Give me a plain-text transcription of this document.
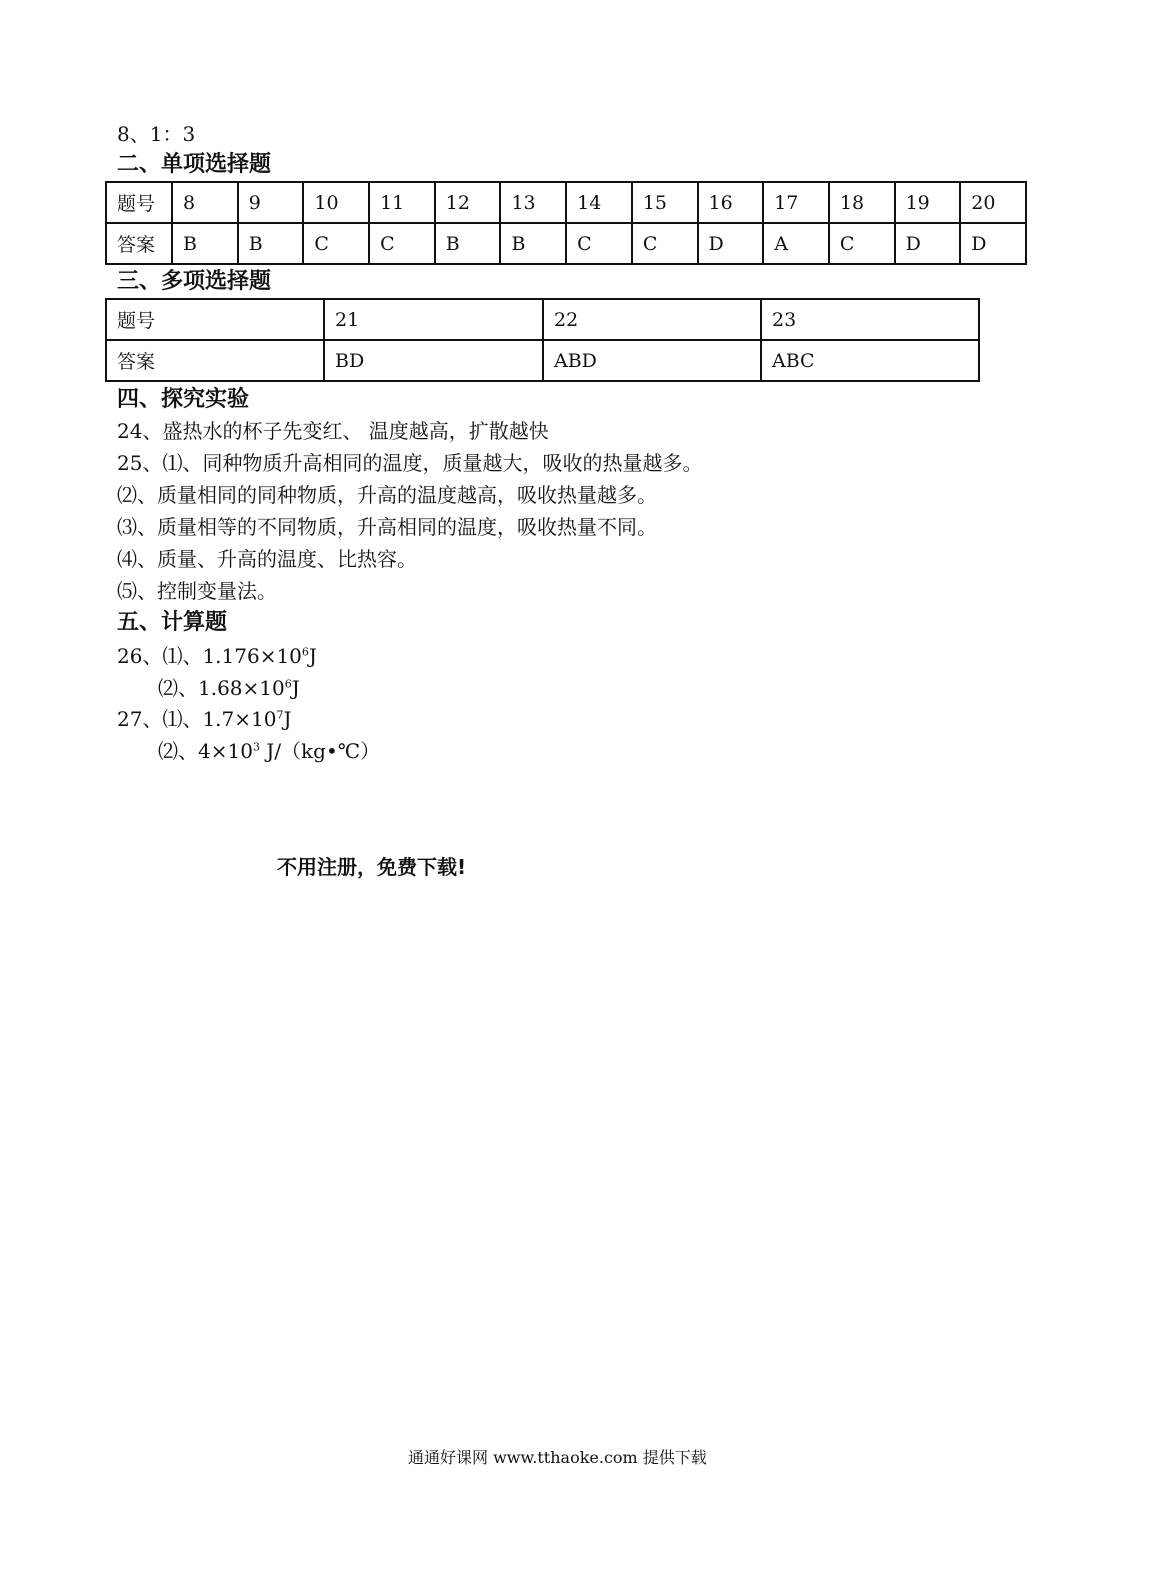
8、1：3
二、单项选择题
题号	8	9	10	11	12	13	14	15	16	17	18	19	20
答案	B	B	C	C	B	B	C	C	D	A	C	D	D
三、多项选择题
题号	21	22	23
答案	BD	ABD	ABC
四、探究实验
24、盛热水的杯子先变红、 温度越高，扩散越快
25、⑴、同种物质升高相同的温度，质量越大，吸收的热量越多。
⑵、质量相同的同种物质，升高的温度越高，吸收热量越多。
⑶、质量相等的不同物质，升高相同的温度，吸收热量不同。
⑷、质量、升高的温度、比热容。
⑸、控制变量法。
五、计算题
26、⑴、$1.176\times 10^6J$
⑵、$1.68\times 10^6J$
27、⑴、$1.7\times 10^7J$
⑵、$4\times 10^3$ J/（kg•℃）
不用注册，免费下载!
通通好课网 www.tthaoke.com 提供下载
